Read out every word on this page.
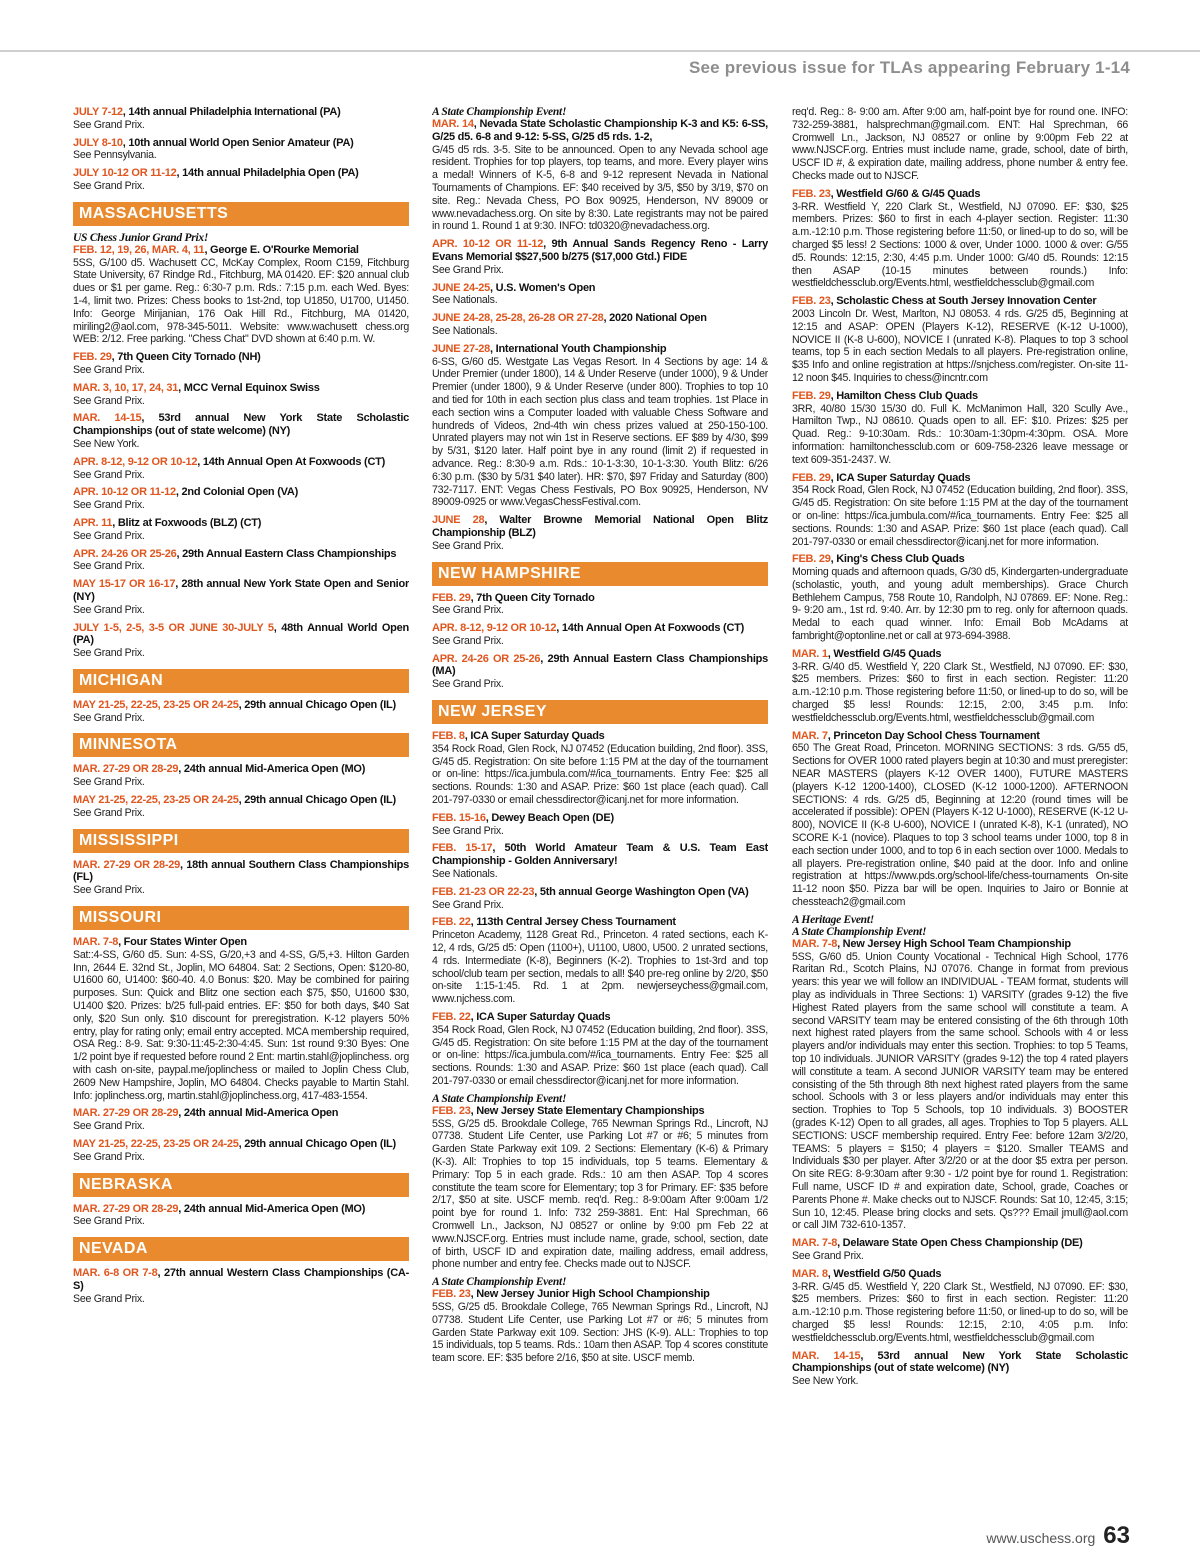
See previous issue for TLAs appearing February 1-14
JULY 7-12, 14th annual Philadelphia International (PA)
See Grand Prix.
JULY 8-10, 10th annual World Open Senior Amateur (PA)
See Pennsylvania.
JULY 10-12 OR 11-12, 14th annual Philadelphia Open (PA)
See Grand Prix.
MASSACHUSETTS
US Chess Junior Grand Prix!
FEB. 12, 19, 26, MAR. 4, 11, George E. O'Rourke Memorial
5SS, G/100 d5. Wachusett CC, McKay Complex, Room C159, Fitchburg State University, 67 Rindge Rd., Fitchburg, MA 01420. EF: $20 annual club dues or $1 per game. Reg.: 6:30-7 p.m. Rds.: 7:15 p.m. each Wed. Byes: 1-4, limit two. Prizes: Chess books to 1st-2nd, top U1850, U1700, U1450. Info: George Mirijanian, 176 Oak Hill Rd., Fitchburg, MA 01420, miriling2@aol.com, 978-345-5011. Website: www.wachusett chess.org WEB: 2/12. Free parking. "Chess Chat" DVD shown at 6:40 p.m. W.
FEB. 29, 7th Queen City Tornado (NH)
See Grand Prix.
MAR. 3, 10, 17, 24, 31, MCC Vernal Equinox Swiss
See Grand Prix.
MAR. 14-15, 53rd annual New York State Scholastic Championships (out of state welcome) (NY)
See New York.
APR. 8-12, 9-12 OR 10-12, 14th Annual Open At Foxwoods (CT)
See Grand Prix.
APR. 10-12 OR 11-12, 2nd Colonial Open (VA)
See Grand Prix.
APR. 11, Blitz at Foxwoods (BLZ) (CT)
See Grand Prix.
APR. 24-26 OR 25-26, 29th Annual Eastern Class Championships
See Grand Prix.
MAY 15-17 OR 16-17, 28th annual New York State Open and Senior (NY)
See Grand Prix.
JULY 1-5, 2-5, 3-5 OR JUNE 30-JULY 5, 48th Annual World Open (PA)
See Grand Prix.
MICHIGAN
MAY 21-25, 22-25, 23-25 OR 24-25, 29th annual Chicago Open (IL)
See Grand Prix.
MINNESOTA
MAR. 27-29 OR 28-29, 24th annual Mid-America Open (MO)
See Grand Prix.
MAY 21-25, 22-25, 23-25 OR 24-25, 29th annual Chicago Open (IL)
See Grand Prix.
MISSISSIPPI
MAR. 27-29 OR 28-29, 18th annual Southern Class Championships (FL)
See Grand Prix.
MISSOURI
MAR. 7-8, Four States Winter Open
Sat::4-SS, G/60 d5. Sun: 4-SS, G/20,+3 and 4-SS, G/5,+3. Hilton Garden Inn, 2644 E. 32nd St., Joplin, MO 64804. Sat: 2 Sections, Open: $120-80, U1600 60, U1400: $60-40. 4.0 Bonus: $20. May be combined for pairing purposes. Sun: Quick and Blitz one section each $75, $50, U1600 $30, U1400 $20. Prizes: b/25 full-paid entries. EF: $50 for both days, $40 Sat only, $20 Sun only. $10 discount for preregistration. K-12 players 50% entry, play for rating only; email entry accepted. MCA membership required, OSA Reg.: 8-9. Sat: 9:30-11:45-2:30-4:45. Sun: 1st round 9:30 Byes: One 1/2 point bye if requested before round 2 Ent: martin.stahl@joplinchess. org with cash on-site, paypal.me/joplinchess or mailed to Joplin Chess Club, 2609 New Hampshire, Joplin, MO 64804. Checks payable to Martin Stahl. Info: joplinchess.org, martin.stahl@joplinchess.org, 417-483-1554.
MAR. 27-29 OR 28-29, 24th annual Mid-America Open
See Grand Prix.
MAY 21-25, 22-25, 23-25 OR 24-25, 29th annual Chicago Open (IL)
See Grand Prix.
NEBRASKA
MAR. 27-29 OR 28-29, 24th annual Mid-America Open (MO)
See Grand Prix.
NEVADA
MAR. 6-8 OR 7-8, 27th annual Western Class Championships (CA-S)
See Grand Prix.
A State Championship Event!
MAR. 14, Nevada State Scholastic Championship K-3 and K5: 6-SS, G/25 d5. 6-8 and 9-12: 5-SS, G/25 d5 rds. 1-2,
G/45 d5 rds. 3-5. Site to be announced. Open to any Nevada school age resident. Trophies for top players, top teams, and more. Every player wins a medal! Winners of K-5, 6-8 and 9-12 represent Nevada in National Tournaments of Champions. EF: $40 received by 3/5, $50 by 3/19, $70 on site. Reg.: Nevada Chess, PO Box 90925, Henderson, NV 89009 or www.nevadachess.org. On site by 8:30. Late registrants may not be paired in round 1. Round 1 at 9:30. INFO: td0320@nevadachess.org.
APR. 10-12 OR 11-12, 9th Annual Sands Regency Reno - Larry Evans Memorial $$27,500 b/275 ($17,000 Gtd.) FIDE
See Grand Prix.
JUNE 24-25, U.S. Women's Open
See Nationals.
JUNE 24-28, 25-28, 26-28 OR 27-28, 2020 National Open
See Nationals.
JUNE 27-28, International Youth Championship
6-SS, G/60 d5. Westgate Las Vegas Resort. In 4 Sections by age: 14 & Under Premier (under 1800), 14 & Under Reserve (under 1000), 9 & Under Premier (under 1800), 9 & Under Reserve (under 800). Trophies to top 10 and tied for 10th in each section plus class and team trophies. 1st Place in each section wins a Computer loaded with valuable Chess Software and hundreds of Videos, 2nd-4th win chess prizes valued at 250-150-100. Unrated players may not win 1st in Reserve sections. EF $89 by 4/30, $99 by 5/31, $120 later. Half point bye in any round (limit 2) if requested in advance. Reg.: 8:30-9 a.m. Rds.: 10-1-3:30, 10-1-3:30. Youth Blitz: 6/26 6:30 p.m. ($30 by 5/31 $40 later). HR: $70, $97 Friday and Saturday (800) 732-7117. ENT: Vegas Chess Festivals, PO Box 90925, Henderson, NV 89009-0925 or www.VegasChessFestival.com.
JUNE 28, Walter Browne Memorial National Open Blitz Championship (BLZ)
See Grand Prix.
NEW HAMPSHIRE
FEB. 29, 7th Queen City Tornado
See Grand Prix.
APR. 8-12, 9-12 OR 10-12, 14th Annual Open At Foxwoods (CT)
See Grand Prix.
APR. 24-26 OR 25-26, 29th Annual Eastern Class Championships (MA)
See Grand Prix.
NEW JERSEY
FEB. 8, ICA Super Saturday Quads
354 Rock Road, Glen Rock, NJ 07452 (Education building, 2nd floor). 3SS, G/45 d5. Registration: On site before 1:15 PM at the day of the tournament or on-line: https://ica.jumbula.com/#/ica_tournaments. Entry Fee: $25 all sections. Rounds: 1:30 and ASAP. Prize: $60 1st place (each quad). Call 201-797-0330 or email chessdirector@icanj.net for more information.
FEB. 15-16, Dewey Beach Open (DE)
See Grand Prix.
FEB. 15-17, 50th World Amateur Team & U.S. Team East Championship - Golden Anniversary!
See Nationals.
FEB. 21-23 OR 22-23, 5th annual George Washington Open (VA)
See Grand Prix.
FEB. 22, 113th Central Jersey Chess Tournament
Princeton Academy, 1128 Great Rd., Princeton. 4 rated sections, each K-12, 4 rds, G/25 d5: Open (1100+), U1100, U800, U500. 2 unrated sections, 4 rds. Intermediate (K-8), Beginners (K-2). Trophies to 1st-3rd and top school/club team per section, medals to all! $40 pre-reg online by 2/20, $50 on-site 1:15-1:45. Rd. 1 at 2pm. newjerseychess@gmail.com, www.njchess.com.
FEB. 22, ICA Super Saturday Quads
354 Rock Road, Glen Rock, NJ 07452 (Education building, 2nd floor). 3SS, G/45 d5. Registration: On site before 1:15 PM at the day of the tournament or on-line: https://ica.jumbula.com/#/ica_tournaments. Entry Fee: $25 all sections. Rounds: 1:30 and ASAP. Prize: $60 1st place (each quad). Call 201-797-0330 or email chessdirector@icanj.net for more information.
A State Championship Event!
FEB. 23, New Jersey State Elementary Championships
5SS, G/25 d5. Brookdale College, 765 Newman Springs Rd., Lincroft, NJ 07738. Student Life Center, use Parking Lot #7 or #6; 5 minutes from Garden State Parkway exit 109. 2 Sections: Elementary (K-6) & Primary (K-3). All: Trophies to top 15 individuals, top 5 teams. Elementary & Primary: Top 5 in each grade. Rds.: 10 am then ASAP. Top 4 scores constitute the team score for Elementary; top 3 for Primary. EF: $35 before 2/17, $50 at site. USCF memb. req'd. Reg.: 8-9:00am After 9:00am 1/2 point bye for round 1. Info: 732 259-3881. Ent: Hal Sprechman, 66 Cromwell Ln., Jackson, NJ 08527 or online by 9:00 pm Feb 22 at www.NJSCF.org. Entries must include name, grade, school, section, date of birth, USCF ID and expiration date, mailing address, email address, phone number and entry fee. Checks made out to NJSCF.
A State Championship Event!
FEB. 23, New Jersey Junior High School Championship
5SS, G/25 d5. Brookdale College, 765 Newman Springs Rd., Lincroft, NJ 07738. Student Life Center, use Parking Lot #7 or #6; 5 minutes from Garden State Parkway exit 109. Section: JHS (K-9). ALL: Trophies to top 15 individuals, top 5 teams. Rds.: 10am then ASAP. Top 4 scores constitute team score. EF: $35 before 2/16, $50 at site. USCF memb.
req'd. Reg.: 8- 9:00 am. After 9:00 am, half-point bye for round one. INFO: 732-259-3881, halsprechman@gmail.com. ENT: Hal Sprechman, 66 Cromwell Ln., Jackson, NJ 08527 or online by 9:00pm Feb 22 at www.NJSCF.org. Entries must include name, grade, school, date of birth, USCF ID #, & expiration date, mailing address, phone number & entry fee. Checks made out to NJSCF.
FEB. 23, Westfield G/60 & G/45 Quads
3-RR. Westfield Y, 220 Clark St., Westfield, NJ 07090. EF: $30, $25 members. Prizes: $60 to first in each 4-player section. Register: 11:30 a.m.-12:10 p.m. Those registering before 11:50, or lined-up to do so, will be charged $5 less! 2 Sections: 1000 & over, Under 1000. 1000 & over: G/55 d5. Rounds: 12:15, 2:30, 4:45 p.m. Under 1000: G/40 d5. Rounds: 12:15 then ASAP (10-15 minutes between rounds.) Info: westfieldchessclub.org/Events.html, westfieldchessclub@gmail.com
FEB. 23, Scholastic Chess at South Jersey Innovation Center
2003 Lincoln Dr. West, Marlton, NJ 08053. 4 rds. G/25 d5, Beginning at 12:15 and ASAP: OPEN (Players K-12), RESERVE (K-12 U-1000), NOVICE II (K-8 U-600), NOVICE I (unrated K-8). Plaques to top 3 school teams, top 5 in each section Medals to all players. Pre-registration online, $35 Info and online registration at https://snjchess.com/register. On-site 11-12 noon $45. Inquiries to chess@incntr.com
FEB. 29, Hamilton Chess Club Quads
3RR, 40/80 15/30 15/30 d0. Full K. McManimon Hall, 320 Scully Ave., Hamilton Twp., NJ 08610. Quads open to all. EF: $10. Prizes: $25 per Quad. Reg.: 9-10:30am. Rds.: 10:30am-1:30pm-4:30pm. OSA. More information: hamiltonchessclub.com or 609-758-2326 leave message or text 609-351-2437. W.
FEB. 29, ICA Super Saturday Quads
354 Rock Road, Glen Rock, NJ 07452 (Education building, 2nd floor). 3SS, G/45 d5. Registration: On site before 1:15 PM at the day of the tournament or on-line: https://ica.jumbula.com/#/ica_tournaments. Entry Fee: $25 all sections. Rounds: 1:30 and ASAP. Prize: $60 1st place (each quad). Call 201-797-0330 or email chessdirector@icanj.net for more information.
FEB. 29, King's Chess Club Quads
Morning quads and afternoon quads, G/30 d5, Kindergarten-undergraduate (scholastic, youth, and young adult memberships). Grace Church Bethlehem Campus, 758 Route 10, Randolph, NJ 07869. EF: None. Reg.: 9- 9:20 am., 1st rd. 9:40. Arr. by 12:30 pm to reg. only for afternoon quads. Medal to each quad winner. Info: Email Bob McAdams at fambright@optonline.net or call at 973-694-3988.
MAR. 1, Westfield G/45 Quads
3-RR. G/40 d5. Westfield Y, 220 Clark St., Westfield, NJ 07090. EF: $30, $25 members. Prizes: $60 to first in each section. Register: 11:20 a.m.-12:10 p.m. Those registering before 11:50, or lined-up to do so, will be charged $5 less! Rounds: 12:15, 2:00, 3:45 p.m. Info: westfieldchessclub.org/Events.html, westfieldchessclub@gmail.com
MAR. 7, Princeton Day School Chess Tournament
650 The Great Road, Princeton. MORNING SECTIONS: 3 rds. G/55 d5, Sections for OVER 1000 rated players begin at 10:30 and must preregister: NEAR MASTERS (players K-12 OVER 1400), FUTURE MASTERS (players K-12 1200-1400), CLOSED (K-12 1000-1200). AFTERNOON SECTIONS: 4 rds. G/25 d5, Beginning at 12:20 (round times will be accelerated if possible): OPEN (Players K-12 U-1000), RESERVE (K-12 U- 800), NOVICE II (K-8 U-600), NOVICE I (unrated K-8), K-1 (unrated), NO SCORE K-1 (novice). Plaques to top 3 school teams under 1000, top 8 in each section under 1000, and to top 6 in each section over 1000. Medals to all players. Pre-registration online, $40 paid at the door. Info and online registration at https://www.pds.org/school-life/chess-tournaments On-site 11-12 noon $50. Pizza bar will be open. Inquiries to Jairo or Bonnie at chessteach2@gmail.com
A Heritage Event!
A State Championship Event!
MAR. 7-8, New Jersey High School Team Championship
5SS, G/60 d5. Union County Vocational - Technical High School, 1776 Raritan Rd., Scotch Plains, NJ 07076. Change in format from previous years: this year we will follow an INDIVIDUAL - TEAM format, students will play as individuals in Three Sections: 1) VARSITY (grades 9-12) the five Highest Rated players from the same school will constitute a team. A second VARSITY team may be entered consisting of the 6th through 10th next highest rated players from the same school. Schools with 4 or less players and/or individuals may enter this section. Trophies: to top 5 Teams, top 10 individuals. JUNIOR VARSITY (grades 9-12) the top 4 rated players will constitute a team. A second JUNIOR VARSITY team may be entered consisting of the 5th through 8th next highest rated players from the same school. Schools with 3 or less players and/or individuals may enter this section. Trophies to Top 5 Schools, top 10 individuals. 3) BOOSTER (grades K-12) Open to all grades, all ages. Trophies to Top 5 players. ALL SECTIONS: USCF membership required. Entry Fee: before 12am 3/2/20, TEAMS: 5 players = $150; 4 players = $120. Smaller TEAMS and Individuals $30 per player. After 3/2/20 or at the door $5 extra per person. On site REG: 8-9:30am after 9:30 - 1/2 point bye for round 1. Registration: Full name, USCF ID # and expiration date, School, grade, Coaches or Parents Phone #. Make checks out to NJSCF. Rounds: Sat 10, 12:45, 3:15; Sun 10, 12:45. Please bring clocks and sets. Qs??? Email jmull@aol.com or call JIM 732-610-1357.
MAR. 7-8, Delaware State Open Chess Championship (DE)
See Grand Prix.
MAR. 8, Westfield G/50 Quads
3-RR. G/45 d5. Westfield Y, 220 Clark St., Westfield, NJ 07090. EF: $30, $25 members. Prizes: $60 to first in each section. Register: 11:20 a.m.-12:10 p.m. Those registering before 11:50, or lined-up to do so, will be charged $5 less! Rounds: 12:15, 2:10, 4:05 p.m. Info: westfieldchessclub.org/Events.html, westfieldchessclub@gmail.com
MAR. 14-15, 53rd annual New York State Scholastic Championships (out of state welcome) (NY)
See New York.
www.uschess.org 63
